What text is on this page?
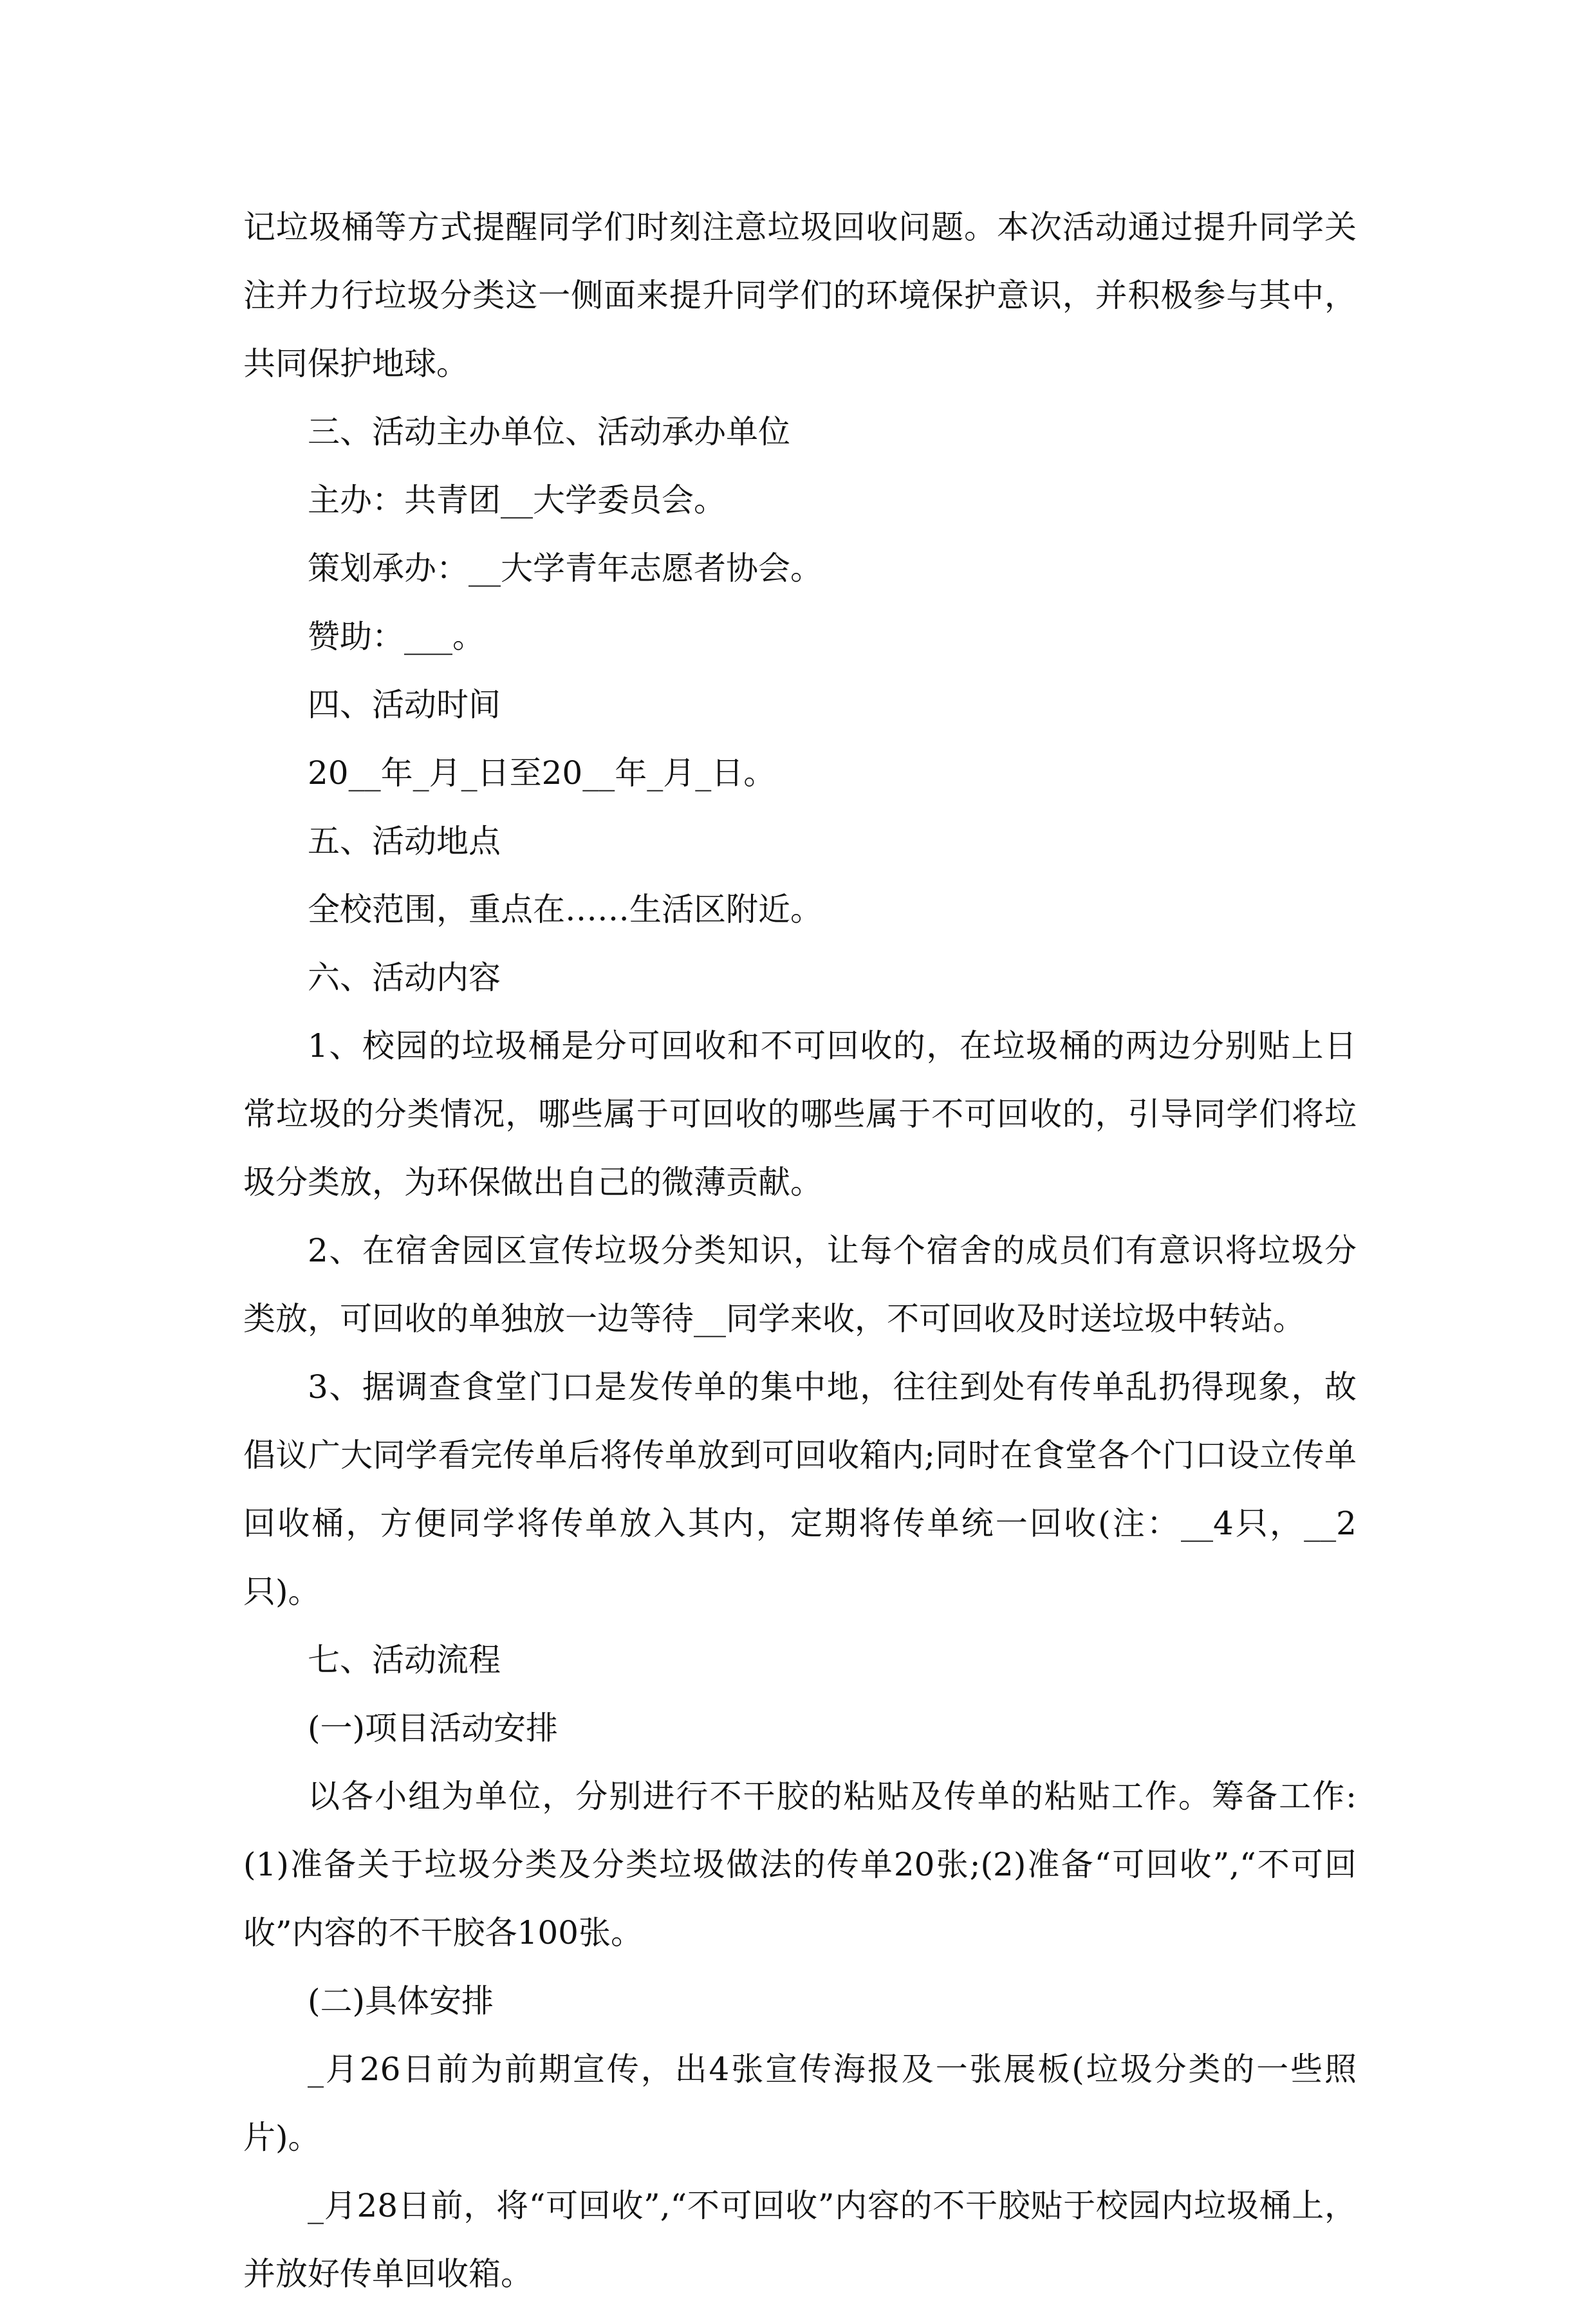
记垃圾桶等方式提醒同学们时刻注意垃圾回收问题。本次活动通过提升同学关注并力行垃圾分类这一侧面来提升同学们的环境保护意识，并积极参与其中，共同保护地球。

三、活动主办单位、活动承办单位

主办：共青团__大学委员会。

策划承办：__大学青年志愿者协会。

赞助：___。

四、活动时间

20__年_月_日至20__年_月_日。

五、活动地点

全校范围，重点在……生活区附近。

六、活动内容

1、校园的垃圾桶是分可回收和不可回收的，在垃圾桶的两边分别贴上日常垃圾的分类情况，哪些属于可回收的哪些属于不可回收的，引导同学们将垃圾分类放，为环保做出自己的微薄贡献。

2、在宿舍园区宣传垃圾分类知识，让每个宿舍的成员们有意识将垃圾分类放，可回收的单独放一边等待__同学来收，不可回收及时送垃圾中转站。

3、据调查食堂门口是发传单的集中地，往往到处有传单乱扔得现象，故倡议广大同学看完传单后将传单放到可回收箱内;同时在食堂各个门口设立传单回收桶，方便同学将传单放入其内，定期将传单统一回收(注：__4只，__2只)。

七、活动流程

(一)项目活动安排

以各小组为单位，分别进行不干胶的粘贴及传单的粘贴工作。筹备工作:(1)准备关于垃圾分类及分类垃圾做法的传单20张;(2)准备“可回收”,“不可回收”内容的不干胶各100张。

(二)具体安排

_月26日前为前期宣传，出4张宣传海报及一张展板(垃圾分类的一些照片)。

_月28日前，将“可回收”,“不可回收”内容的不干胶贴于校园内垃圾桶上，并放好传单回收箱。
